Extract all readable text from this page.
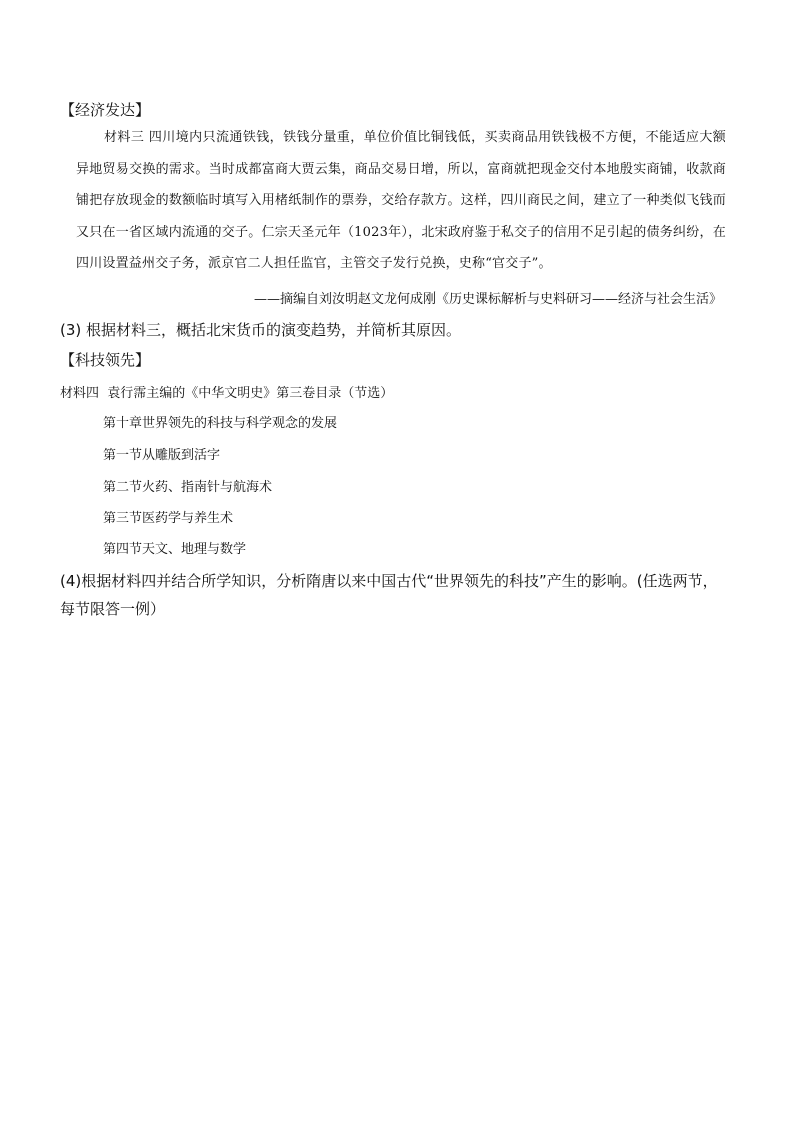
【经济发达】
材料三 四川境内只流通铁钱，铁钱分量重，单位价值比铜钱低，买卖商品用铁钱极不方便，不能适应大额异地贸易交换的需求。当时成都富商大贾云集，商品交易日增，所以，富商就把现金交付本地殷实商铺，收款商铺把存放现金的数额临时填写入用楮纸制作的票券，交给存款方。这样，四川商民之间，建立了一种类似飞钱而又只在一省区域内流通的交子。仁宗天圣元年（1023年），北宋政府鉴于私交子的信用不足引起的债务纠纷，在四川设置益州交子务，派京官二人担任监官，主管交子发行兑换，史称“官交子”。
——摘编自刘汝明赵文龙何成刚《历史课标解析与史料研习——经济与社会生活》
(3) 根据材料三，概括北宋货币的演变趋势，并简析其原因。
【科技领先】
材料四  袁行霈主编的《中华文明史》第三卷目录（节选）
第十章世界领先的科技与科学观念的发展
第一节从雕版到活字
第二节火药、指南针与航海术
第三节医药学与养生术
第四节天文、地理与数学
(4)根据材料四并结合所学知识，分析隋唐以来中国古代“世界领先的科技”产生的影响。(任选两节，每节限答一例）
